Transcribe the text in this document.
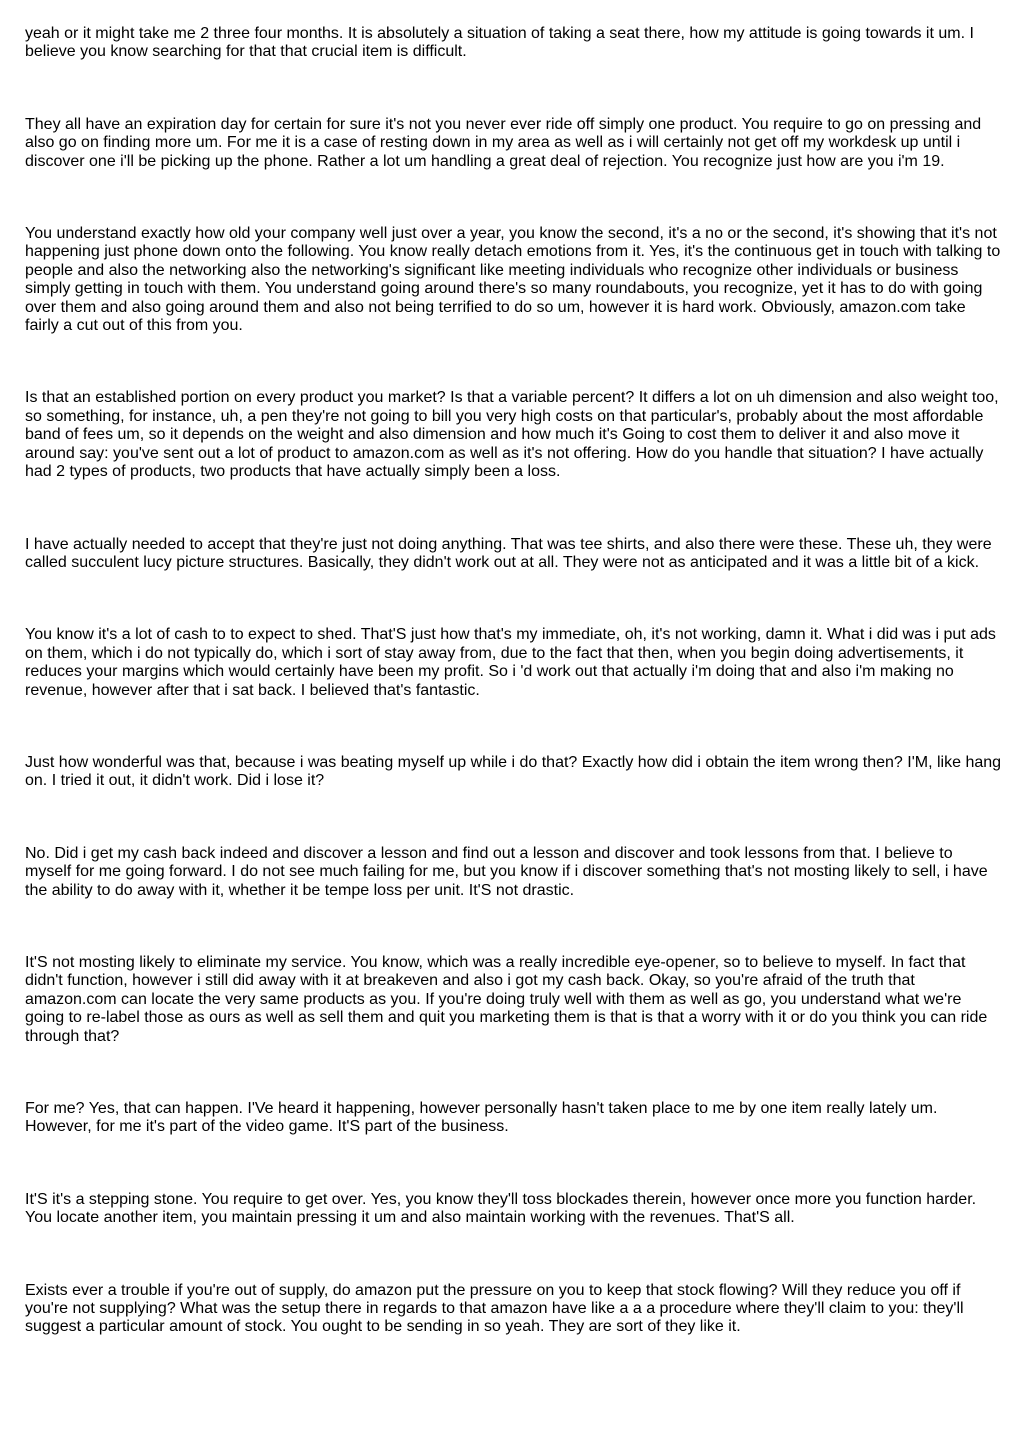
yeah or it might take me 2 three four months. It is absolutely a situation of taking a seat there, how my attitude is going towards it um. I believe you know searching for that that crucial item is difficult.

They all have an expiration day for certain for sure it's not you never ever ride off simply one product. You require to go on pressing and also go on finding more um. For me it is a case of resting down in my area as well as i will certainly not get off my workdesk up until i discover one i'll be picking up the phone. Rather a lot um handling a great deal of rejection. You recognize just how are you i'm 19.

You understand exactly how old your company well just over a year, you know the second, it's a no or the second, it's showing that it's not happening just phone down onto the following. You know really detach emotions from it. Yes, it's the continuous get in touch with talking to people and also the networking also the networking's significant like meeting individuals who recognize other individuals or business simply getting in touch with them. You understand going around there's so many roundabouts, you recognize, yet it has to do with going over them and also going around them and also not being terrified to do so um, however it is hard work. Obviously, amazon.com take fairly a cut out of this from you.

Is that an established portion on every product you market? Is that a variable percent? It differs a lot on uh dimension and also weight too, so something, for instance, uh, a pen they're not going to bill you very high costs on that particular's, probably about the most affordable band of fees um, so it depends on the weight and also dimension and how much it's Going to cost them to deliver it and also move it around say: you've sent out a lot of product to amazon.com as well as it's not offering. How do you handle that situation? I have actually had 2 types of products, two products that have actually simply been a loss.

I have actually needed to accept that they're just not doing anything. That was tee shirts, and also there were these. These uh, they were called succulent lucy picture structures. Basically, they didn't work out at all. They were not as anticipated and it was a little bit of a kick.

You know it's a lot of cash to to expect to shed. That'S just how that's my immediate, oh, it's not working, damn it. What i did was i put ads on them, which i do not typically do, which i sort of stay away from, due to the fact that then, when you begin doing advertisements, it reduces your margins which would certainly have been my profit. So i 'd work out that actually i'm doing that and also i'm making no revenue, however after that i sat back. I believed that's fantastic.

Just how wonderful was that, because i was beating myself up while i do that? Exactly how did i obtain the item wrong then? I'M, like hang on. I tried it out, it didn't work. Did i lose it?

No. Did i get my cash back indeed and discover a lesson and find out a lesson and discover and took lessons from that. I believe to myself for me going forward. I do not see much failing for me, but you know if i discover something that's not mosting likely to sell, i have the ability to do away with it, whether it be tempe loss per unit. It'S not drastic.

It'S not mosting likely to eliminate my service. You know, which was a really incredible eye-opener, so to believe to myself. In fact that didn't function, however i still did away with it at breakeven and also i got my cash back. Okay, so you're afraid of the truth that amazon.com can locate the very same products as you. If you're doing truly well with them as well as go, you understand what we're going to re-label those as ours as well as sell them and quit you marketing them is that is that a worry with it or do you think you can ride through that?

For me? Yes, that can happen. I'Ve heard it happening, however personally hasn't taken place to me by one item really lately um. However, for me it's part of the video game. It'S part of the business.

It'S it's a stepping stone. You require to get over. Yes, you know they'll toss blockades therein, however once more you function harder. You locate another item, you maintain pressing it um and also maintain working with the revenues. That'S all.

Exists ever a trouble if you're out of supply, do amazon put the pressure on you to keep that stock flowing? Will they reduce you off if you're not supplying? What was the setup there in regards to that amazon have like a a a procedure where they'll claim to you: they'll suggest a particular amount of stock. You ought to be sending in so yeah. They are sort of they like it.
